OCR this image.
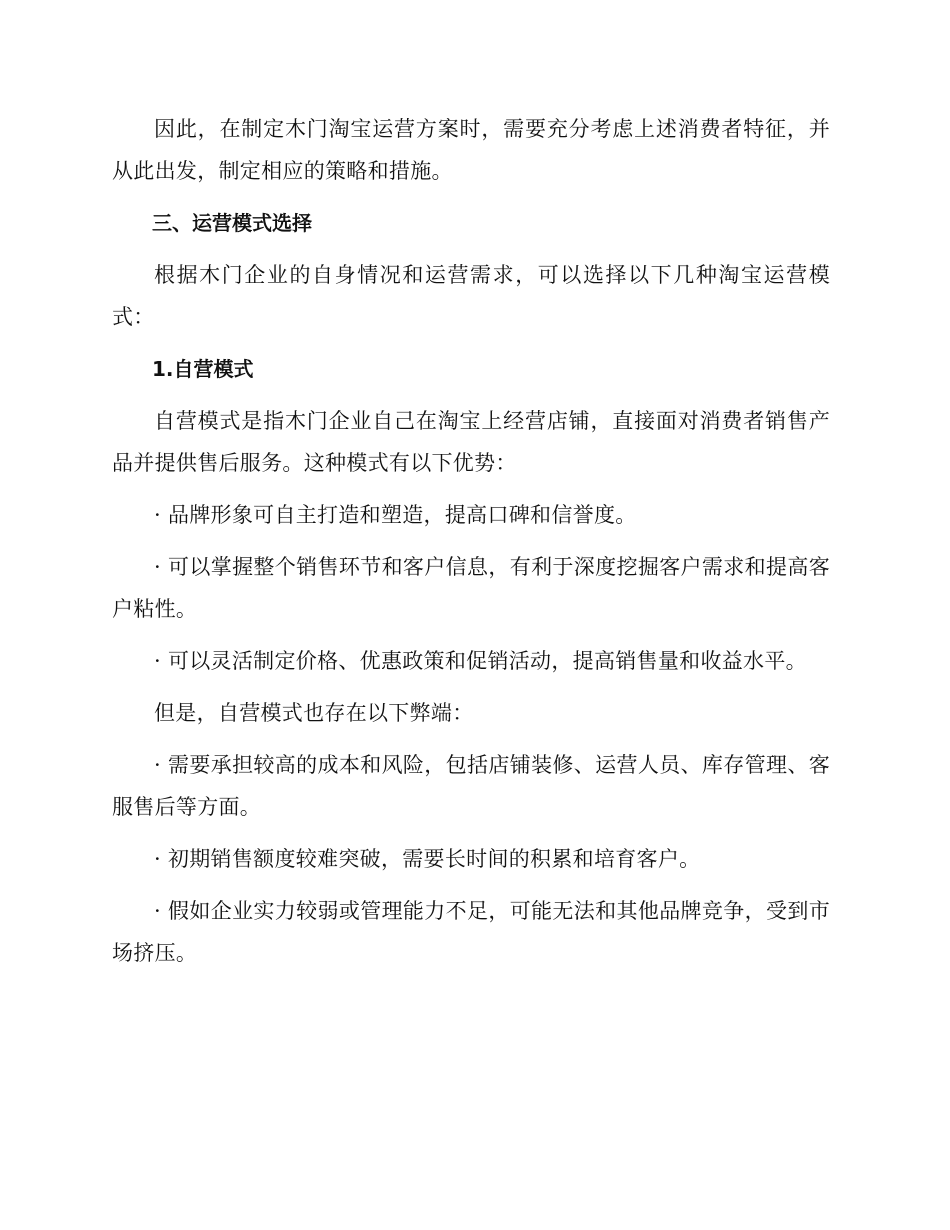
因此，在制定木门淘宝运营方案时，需要充分考虑上述消费者特征，并从此出发，制定相应的策略和措施。

三、运营模式选择

根据木门企业的自身情况和运营需求，可以选择以下几种淘宝运营模式：

1.自营模式

自营模式是指木门企业自己在淘宝上经营店铺，直接面对消费者销售产品并提供售后服务。这种模式有以下优势：

· 品牌形象可自主打造和塑造，提高口碑和信誉度。

· 可以掌握整个销售环节和客户信息，有利于深度挖掘客户需求和提高客户粘性。

· 可以灵活制定价格、优惠政策和促销活动，提高销售量和收益水平。

但是，自营模式也存在以下弊端：

· 需要承担较高的成本和风险，包括店铺装修、运营人员、库存管理、客服售后等方面。

· 初期销售额度较难突破，需要长时间的积累和培育客户。

· 假如企业实力较弱或管理能力不足，可能无法和其他品牌竞争，受到市场挤压。
